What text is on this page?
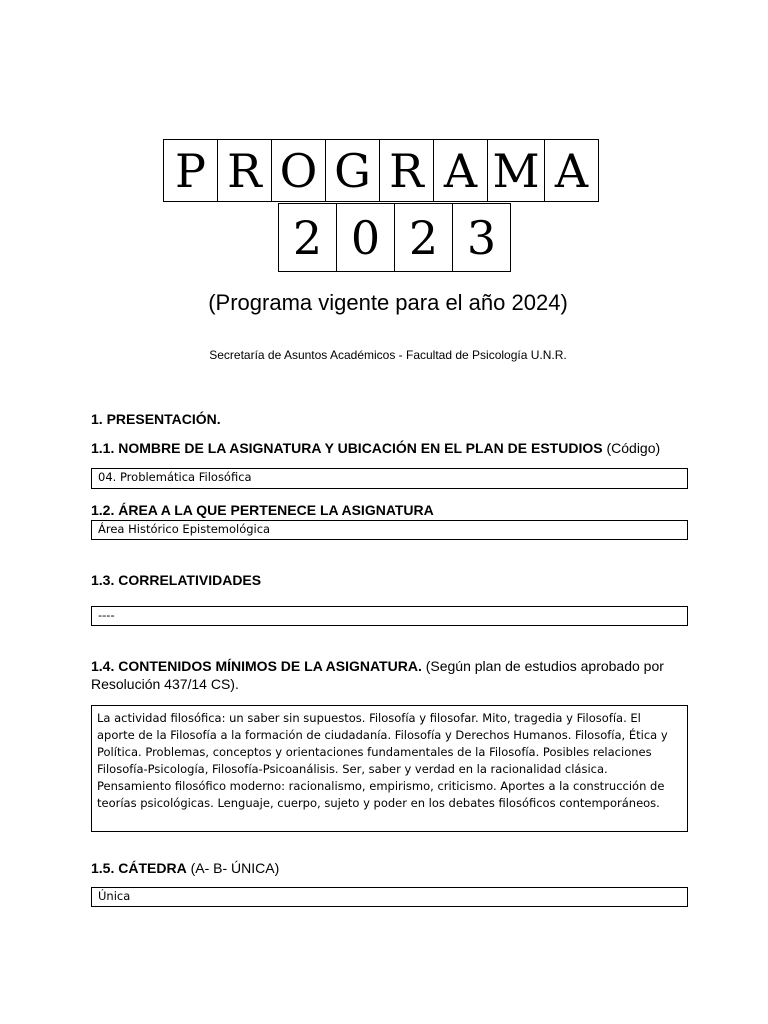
P R O G R A M A
2 0 2 3
(Programa vigente para el año 2024)
Secretaría de Asuntos Académicos - Facultad de Psicología U.N.R.
1. PRESENTACIÓN.
1.1. NOMBRE DE LA ASIGNATURA Y UBICACIÓN EN EL PLAN DE ESTUDIOS (Código)
04. Problemática Filosófica
1.2. ÁREA A LA QUE PERTENECE LA ASIGNATURA
Área Histórico Epistemológica
1.3. CORRELATIVIDADES
----
1.4. CONTENIDOS MÍNIMOS DE LA ASIGNATURA. (Según plan de estudios aprobado por Resolución 437/14 CS).
La actividad filosófica: un saber sin supuestos. Filosofía y filosofar. Mito, tragedia y Filosofía. El aporte de la Filosofía a la formación de ciudadanía. Filosofía y Derechos Humanos. Filosofía, Ética y Política. Problemas, conceptos y orientaciones fundamentales de la Filosofía. Posibles relaciones Filosofía-Psicología, Filosofía-Psicoanálisis. Ser, saber y verdad en la racionalidad clásica. Pensamiento filosófico moderno: racionalismo, empirismo, criticismo. Aportes a la construcción de teorías psicológicas. Lenguaje, cuerpo, sujeto y poder en los debates filosóficos contemporáneos.
1.5. CÁTEDRA (A- B- ÚNICA)
Única
